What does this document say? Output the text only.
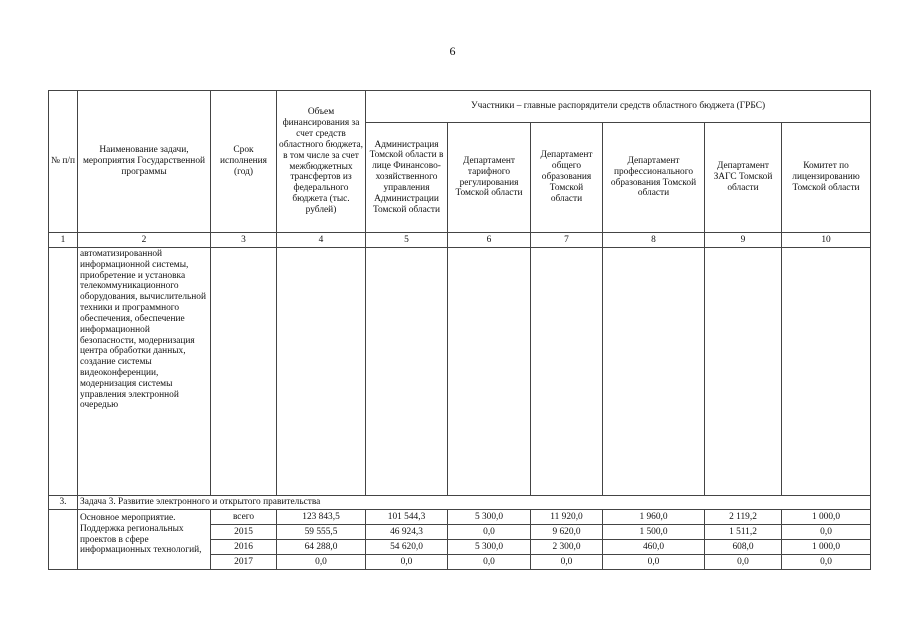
6
№ п/п	Наименование задачи, мероприятия Государственной программы	Срок исполнения (год)	Объем финансирования за счет средств областного бюджета, в том числе за счет межбюджетных трансфертов из федерального бюджета (тыс. рублей)	Участники – главные распорядители средств областного бюджета (ГРБС)					
				Администрация Томской области в лице Финансово-хозяйственного управления Администрации Томской области	Департамент тарифного регулирования Томской области	Департамент общего образования Томской области	Департамент профессионального образования Томской области	Департамент ЗАГС Томской области	Комитет по лицензированию Томской области
1	2	3	4	5	6	7	8	9	10
	автоматизированной информационной системы, приобретение и установка телекоммуникационного оборудования, вычислительной техники и программного обеспечения, обеспечение информационной безопасности, модернизация центра обработки данных, создание системы видеоконференции, модернизация системы управления электронной очередью								
3.	Задача 3. Развитие электронного и открытого правительства								
	Основное мероприятие. Поддержка региональных проектов в сфере информационных технологий,	всего	123 843,5	101 544,3	5 300,0	11 920,0	1 960,0	2 119,2	1 000,0
		2015	59 555,5	46 924,3	0,0	9 620,0	1 500,0	1 511,2	0,0
		2016	64 288,0	54 620,0	5 300,0	2 300,0	460,0	608,0	1 000,0
		2017	0,0	0,0	0,0	0,0	0,0	0,0	0,0
